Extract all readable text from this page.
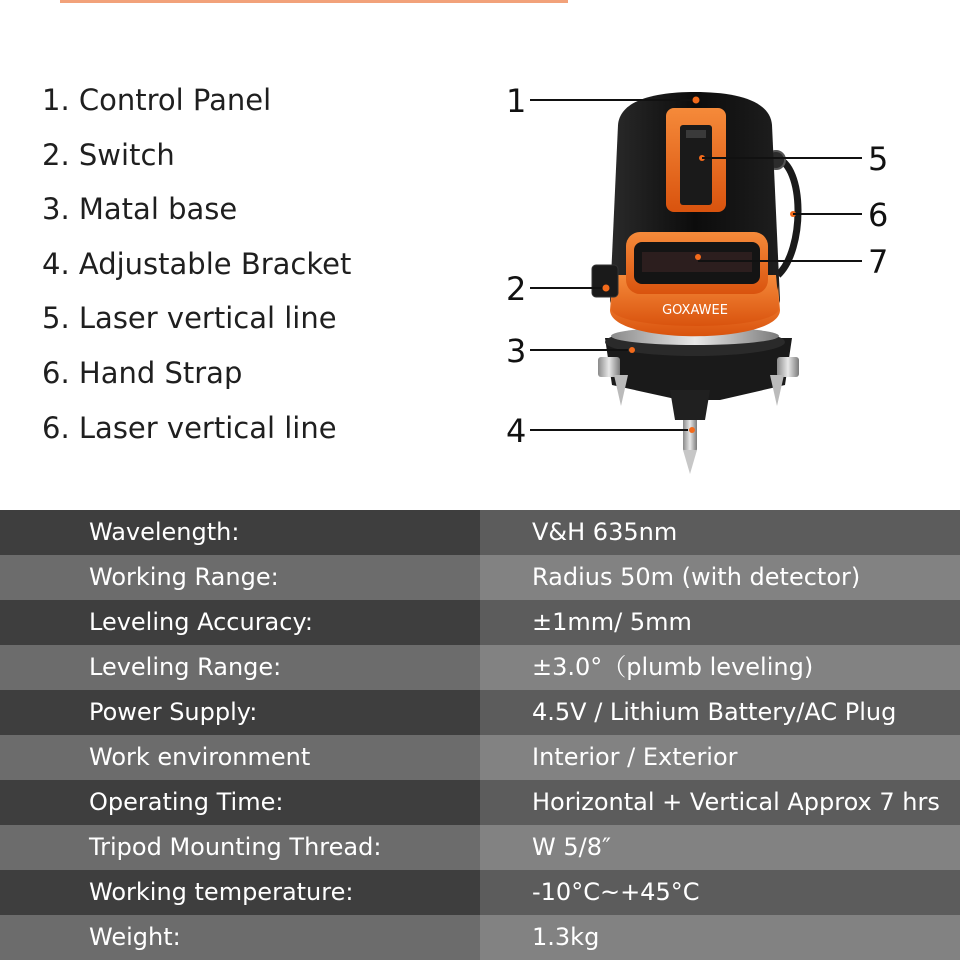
1. Control Panel
2. Switch
3. Matal base
4. Adjustable Bracket
5. Laser vertical line
6. Hand Strap
6. Laser vertical line
GOXAWEE
1
2
3
4
5
6
7
Wavelength:	V&H 635nm
Working Range:	Radius 50m (with detector)
Leveling Accuracy:	±1mm/ 5mm
Leveling Range:	±3.0°（plumb leveling)
Power Supply:	4.5V / Lithium Battery/AC Plug
Work environment	Interior / Exterior
Operating Time:	Horizontal + Vertical Approx 7 hrs
Tripod Mounting Thread:	W 5/8″
Working temperature:	-10°C~+45°C
Weight:	1.3kg
